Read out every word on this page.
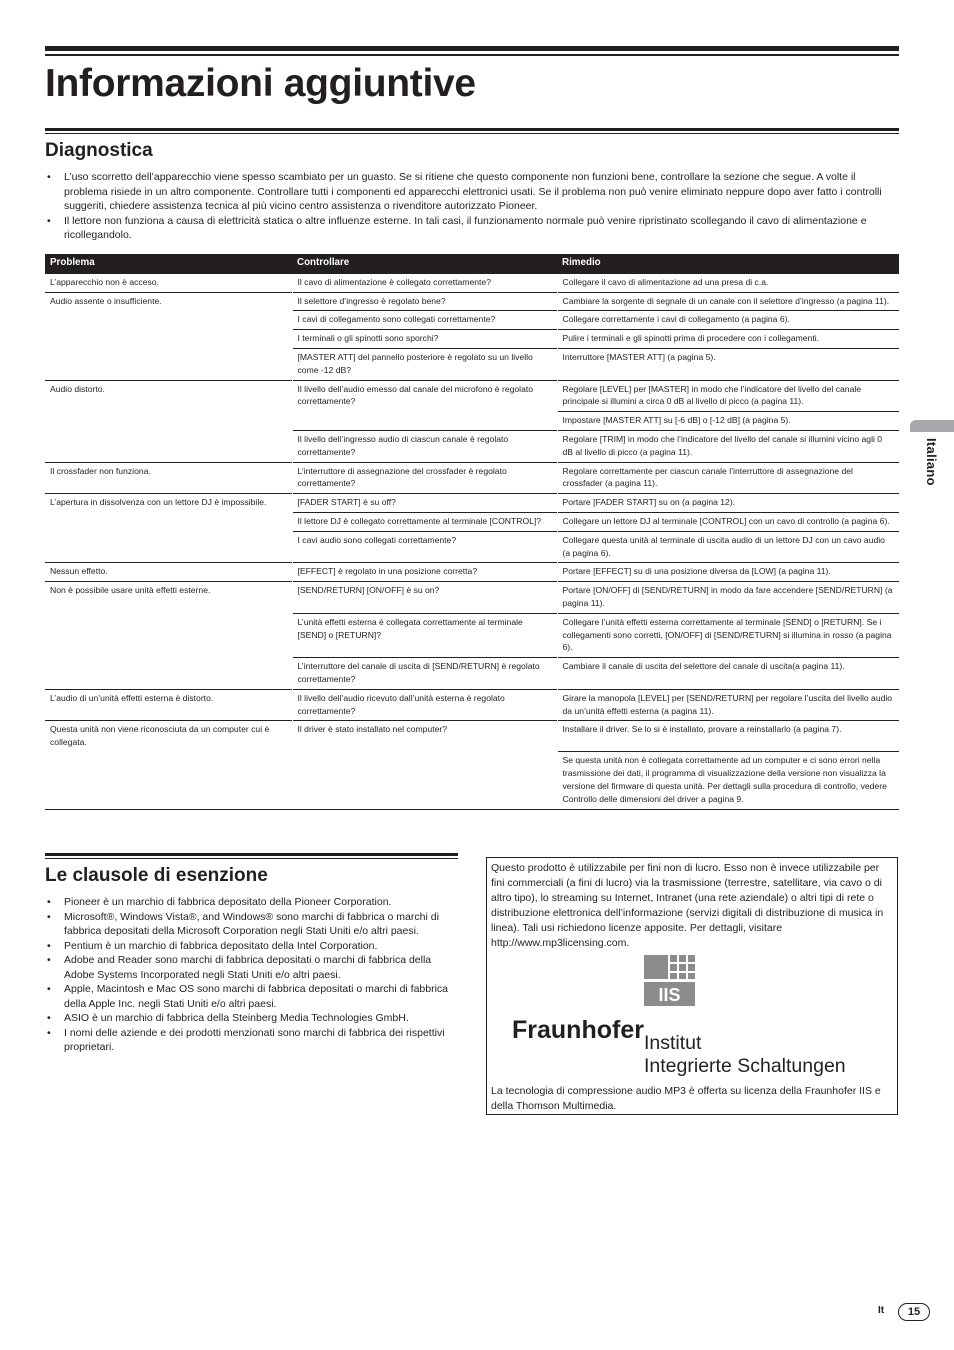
Informazioni aggiuntive
Diagnostica
• L’uso scorretto dell’apparecchio viene spesso scambiato per un guasto. Se si ritiene che questo componente non funzioni bene, controllare la sezione che segue. A volte il problema risiede in un altro componente. Controllare tutti i componenti ed apparecchi elettronici usati. Se il problema non può venire eliminato neppure dopo aver fatto i controlli suggeriti, chiedere assistenza tecnica al più vicino centro assistenza o rivenditore autorizzato Pioneer.
• Il lettore non funziona a causa di elettricità statica o altre influenze esterne. In tali casi, il funzionamento normale può venire ripristinato scollegando il cavo di alimentazione e ricollegandolo.
Problema	Controllare	Rimedio
L’apparecchio non è acceso.	Il cavo di alimentazione è collegato correttamente?	Collegare il cavo di alimentazione ad una presa di c.a.
Audio assente o insufficiente.	Il selettore d’ingresso è regolato bene?	Cambiare la sorgente di segnale di un canale con il selettore d’ingresso (a pagina 11).
	I cavi di collegamento sono collegati correttamente?	Collegare correttamente i cavi di collegamento (a pagina 6).
	I terminali o gli spinotti sono sporchi?	Pulire i terminali e gli spinotti prima di procedere con i collegamenti.
	[MASTER ATT] del pannello posteriore è regolato su un livello come -12 dB?	Interruttore [MASTER ATT] (a pagina 5).
Audio distorto.	Il livello dell’audio emesso dal canale del microfono è regolato correttamente?	Regolare [LEVEL] per [MASTER] in modo che l’indicatore del livello del canale principale si illumini a circa 0 dB al livello di picco (a pagina 11).
		Impostare [MASTER ATT] su [-6 dB] o [-12 dB] (a pagina 5).
	Il livello dell’ingresso audio di ciascun canale è regolato correttamente?	Regolare [TRIM] in modo che l’indicatore del livello del canale si illumini vicino agli 0 dB al livello di picco (a pagina 11).
Il crossfader non funziona.	L’interruttore di assegnazione del crossfader è regolato correttamente?	Regolare correttamente per ciascun canale l’interruttore di assegnazione del crossfader (a pagina 11).
L’apertura in dissolvenza con un lettore DJ è impossibile.	[FADER START] è su off?	Portare [FADER START] su on (a pagina 12).
	Il lettore DJ è collegato correttamente al terminale [CONTROL]?	Collegare un lettore DJ al terminale [CONTROL] con un cavo di controllo (a pagina 6).
	I cavi audio sono collegati correttamente?	Collegare questa unità al terminale di uscita audio di un lettore DJ con un cavo audio (a pagina 6).
Nessun effetto.	[EFFECT] è regolato in una posizione corretta?	Portare [EFFECT] su di una posizione diversa da [LOW] (a pagina 11).
Non è possibile usare unità effetti esterne.	[SEND/RETURN] [ON/OFF] è su on?	Portare [ON/OFF] di [SEND/RETURN] in modo da fare accendere [SEND/RETURN] (a pagina 11).
	L’unità effetti esterna è collegata correttamente al terminale [SEND] o [RETURN]?	Collegare l’unità effetti esterna correttamente al terminale [SEND] o [RETURN]. Se i collegamenti sono corretti, [ON/OFF] di [SEND/RETURN] si illumina in rosso (a pagina 6).
	L’interruttore del canale di uscita di [SEND/RETURN] è regolato correttamente?	Cambiare il canale di uscita del selettore del canale di uscita(a pagina 11).
L’audio di un’unità effetti esterna è distorto.	Il livello dell’audio ricevuto dall’unità esterna è regolato correttamente?	Girare la manopola [LEVEL] per [SEND/RETURN] per regolare l’uscita del livello audio da un’unità effetti esterna (a pagina 11).
Questa unità non viene riconosciuta da un computer cui è collegata.	Il driver è stato installato nel computer?	Installare il driver. Se lo si è installato, provare a reinstallarlo (a pagina 7).
		Se questa unità non è collegata correttamente ad un computer e ci sono errori nella trasmissione dei dati, il programma di visualizzazione della versione non visualizza la versione del firmware di questa unità. Per dettagli sulla procedura di controllo, vedere Controllo delle dimensioni del driver a pagina 9.
Le clausole di esenzione
• Pioneer è un marchio di fabbrica depositato della Pioneer Corporation.
• Microsoft®, Windows Vista®, and Windows® sono marchi di fabbrica o marchi di fabbrica depositati della Microsoft Corporation negli Stati Uniti e/o altri paesi.
• Pentium è un marchio di fabbrica depositato della Intel Corporation.
• Adobe and Reader sono marchi di fabbrica depositati o marchi di fabbrica della Adobe Systems Incorporated negli Stati Uniti e/o altri paesi.
• Apple, Macintosh e Mac OS sono marchi di fabbrica depositati o marchi di fabbrica della Apple Inc. negli Stati Uniti e/o altri paesi.
• ASIO è un marchio di fabbrica della Steinberg Media Technologies GmbH.
• I nomi delle aziende e dei prodotti menzionati sono marchi di fabbrica dei rispettivi proprietari.
Questo prodotto è utilizzabile per fini non di lucro. Esso non è invece utilizzabile per fini commerciali (a fini di lucro) via la trasmissione (terrestre, satellitare, via cavo o di altro tipo), lo streaming su Internet, Intranet (una rete aziendale) o altri tipi di rete o distribuzione elettronica dell’informazione (servizi digitali di distribuzione di musica in linea). Tali usi richiedono licenze apposite. Per dettagli, visitare http://www.mp3licensing.com.
IIS
Fraunhofer Institut
Integrierte Schaltungen
La tecnologia di compressione audio MP3 è offerta su licenza della Fraunhofer IIS e della Thomson Multimedia.
Italiano
It	15
